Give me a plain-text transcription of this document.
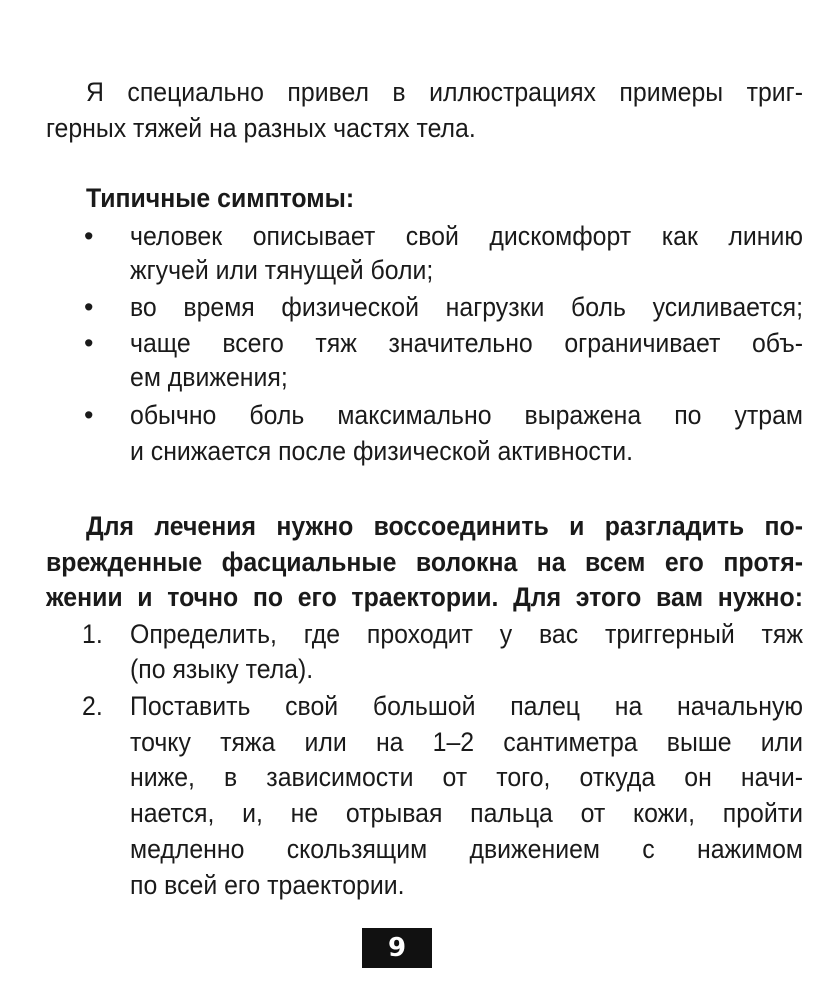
Я специально привел в иллюстрациях примеры триг-
герных тяжей на разных частях тела.
Типичные симптомы:
• человек описывает свой дискомфорт как линию
жгучей или тянущей боли;
• во время физической нагрузки боль усиливается;
• чаще всего тяж значительно ограничивает объ-
ем движения;
• обычно боль максимально выражена по утрам
и снижается после физической активности.
Для лечения нужно воссоединить и разгладить по-
врежденные фасциальные волокна на всем его протя-
жении и точно по его траектории. Для этого вам нужно:
1. Определить, где проходит у вас триггерный тяж
(по языку тела).
2. Поставить свой большой палец на начальную
точку тяжа или на 1–2 сантиметра выше или
ниже, в зависимости от того, откуда он начи-
нается, и, не отрывая пальца от кожи, пройти
медленно скользящим движением с нажимом
по всей его траектории.
9
